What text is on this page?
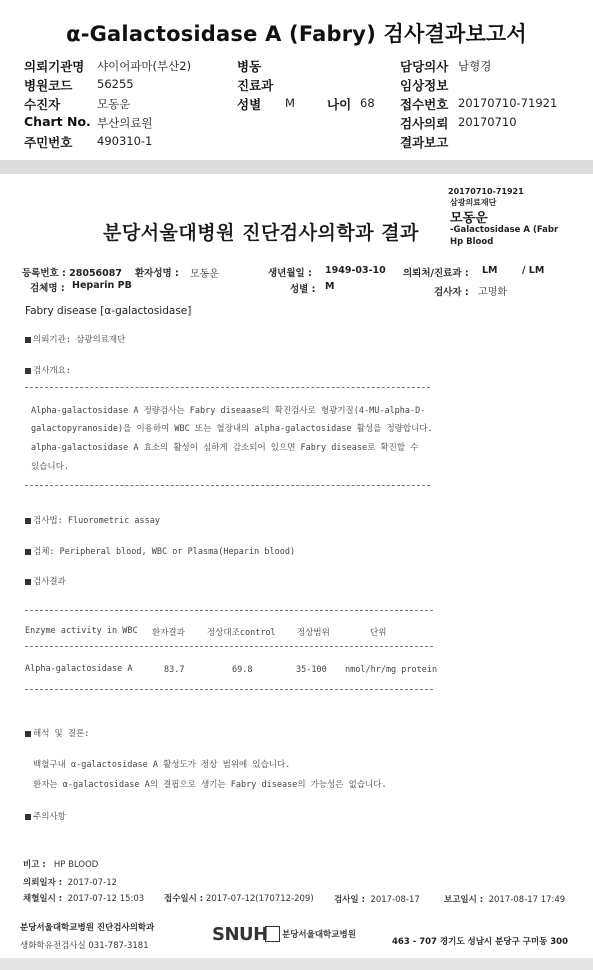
α-Galactosidase A (Fabry) 검사결과보고서
의뢰기관명 샤이어파마(부산2)	병동	담당의사 남형경
병원코드 56255	진료과	임상정보
수진자	모동운	성별 M	나이 68 접수번호 20170710-71921
Chart No. 부산의료원	검사의뢰 20170710
주민번호 490310-1	결과보고
20170710-71921
삼광의료재단
모동운
-Galactosidase A (Fabr
Hp Blood
분당서울대병원 진단검사의학과 결과
등록번호 : 28056087 환자성명 : 모동운	생년월일 : 1949-03-10 의뢰처/진료과 : LM	/ LM
검체명 : Heparin PB	성별 : M
검사자 : 고명화
Fabry disease [α-galactosidase]
의뢰기관: 삼광의료재단
검사개요:
Alpha-galactosidase A 정량검사는 Fabry diseaase의 확진검사로 형광기질(4-MU-alpha-D-
galactopyranoside)을 이용하여 WBC 또는 혈장내의 alpha-galactosidase 활성을 정량합니다.
alpha-galactosidase A 효소의 활성이 심하게 감소되어 있으면 Fabry disease로 확진할 수
있습니다.
검사법: Fluorometric assay
검체: Peripheral blood, WBC or Plasma(Heparin blood)
검사결과
Enzyme activity in WBC 환자결과	정상대조control	정상범위	단위
Alpha-galactosidase A	83.7	69.8	35-100 nmol/hr/mg protein
해석 및 결론:
백혈구내 α-galactosidase A 활성도가 정상 범위에 있습니다.
환자는 α-galactosidase A의 결핍으로 생기는 Fabry disease의 가능성은 없습니다.
주의사항
비고 : HP BLOOD
의뢰일자 : 2017-07-12
채혈일시 : 2017-07-12 15:03 접수일시 : 2017-07-12(170712-209) 검사일 : 2017-08-17	보고일시 : 2017-08-17 17:49
분당서울대학교병원 진단검사의학과
생화학유전검사실 031-787-3181
SNUH 분당서울대학교병원
463 - 707 경기도 성남시 분당구 구미동 300
